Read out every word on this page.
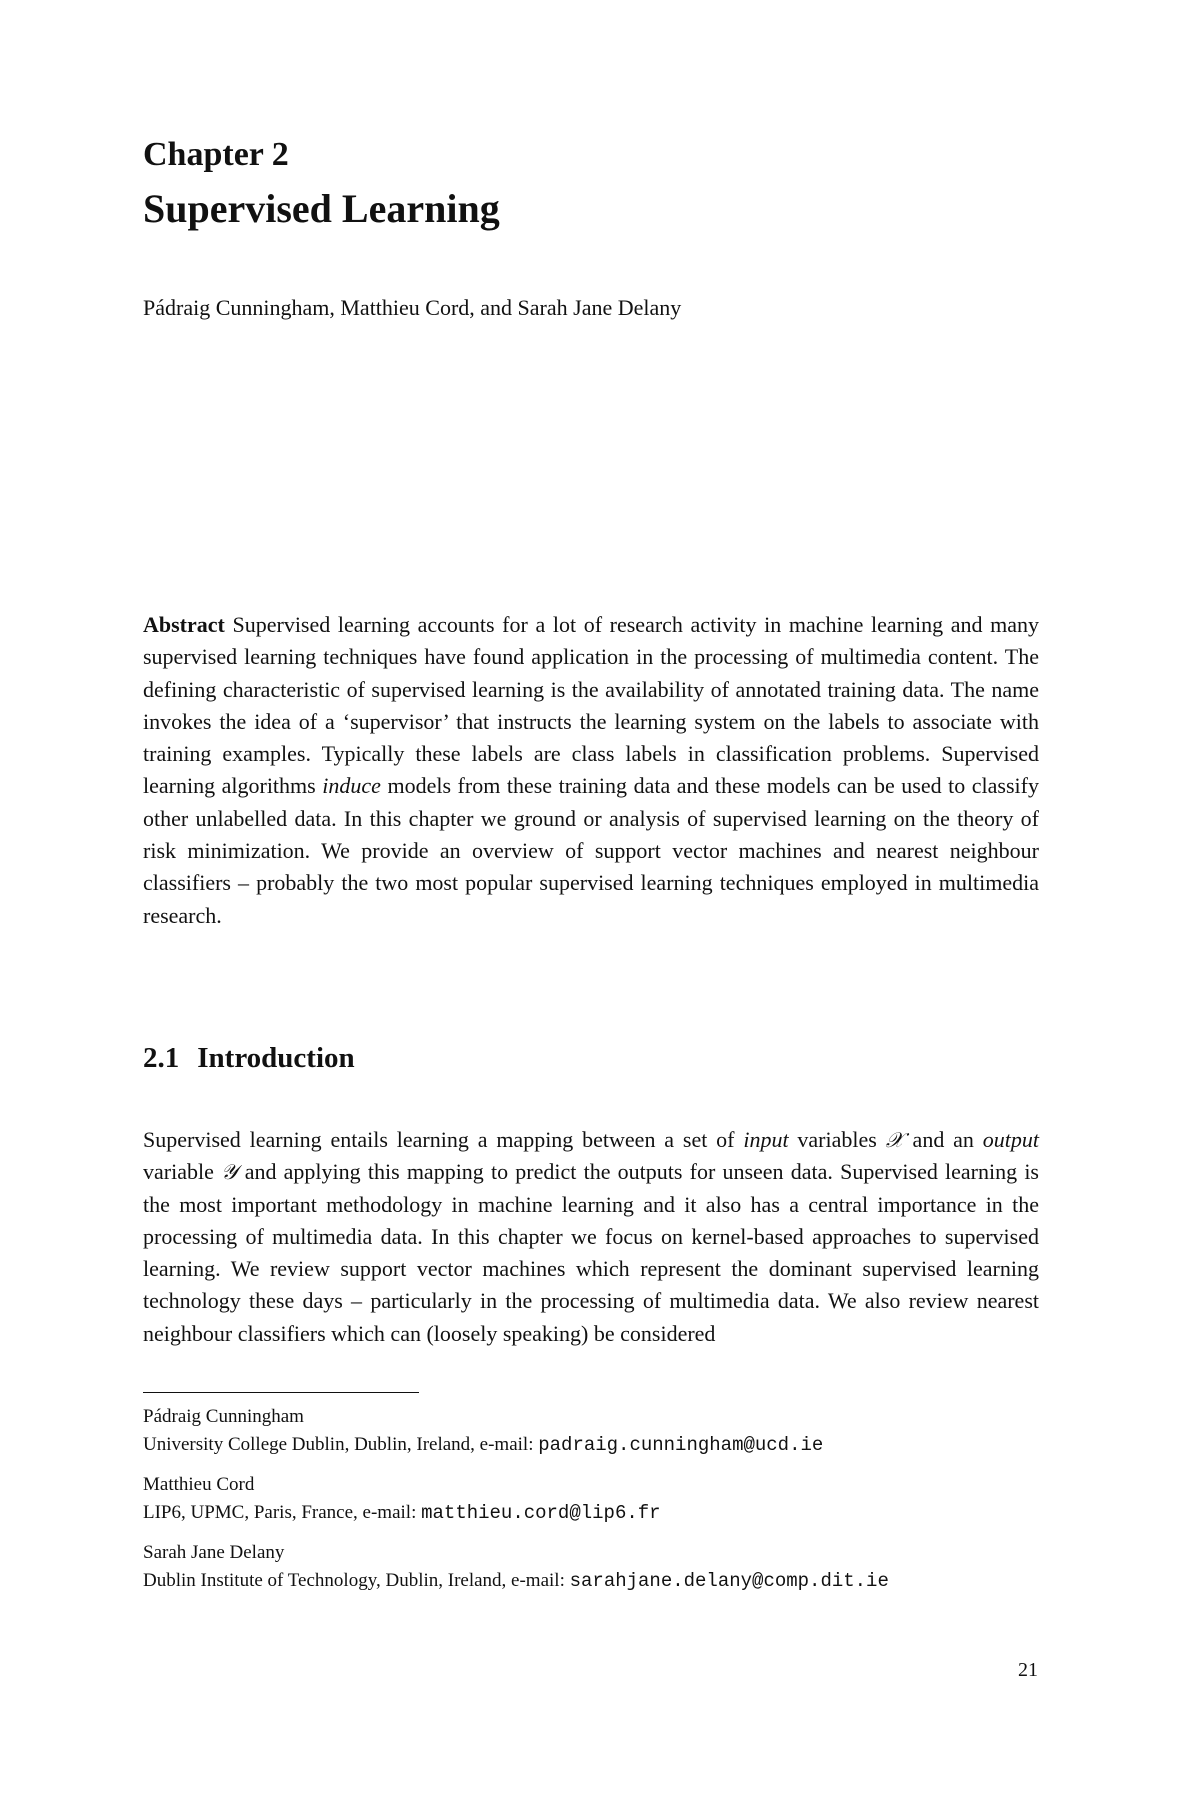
Chapter 2
Supervised Learning
Pádraig Cunningham, Matthieu Cord, and Sarah Jane Delany
Abstract Supervised learning accounts for a lot of research activity in machine learning and many supervised learning techniques have found application in the processing of multimedia content. The defining characteristic of supervised learning is the availability of annotated training data. The name invokes the idea of a ‘supervisor’ that instructs the learning system on the labels to associate with training examples. Typically these labels are class labels in classification problems. Supervised learning algorithms induce models from these training data and these models can be used to classify other unlabelled data. In this chapter we ground or analysis of supervised learning on the theory of risk minimization. We provide an overview of support vector machines and nearest neighbour classifiers – probably the two most popular supervised learning techniques employed in multimedia research.
2.1 Introduction
Supervised learning entails learning a mapping between a set of input variables 𝒳 and an output variable 𝒴 and applying this mapping to predict the outputs for unseen data. Supervised learning is the most important methodology in machine learning and it also has a central importance in the processing of multimedia data. In this chapter we focus on kernel-based approaches to supervised learning. We review support vector machines which represent the dominant supervised learning technology these days – particularly in the processing of multimedia data. We also review nearest neighbour classifiers which can (loosely speaking) be considered
Pádraig Cunningham
University College Dublin, Dublin, Ireland, e-mail: padraig.cunningham@ucd.ie
Matthieu Cord
LIP6, UPMC, Paris, France, e-mail: matthieu.cord@lip6.fr
Sarah Jane Delany
Dublin Institute of Technology, Dublin, Ireland, e-mail: sarahjane.delany@comp.dit.ie
21
